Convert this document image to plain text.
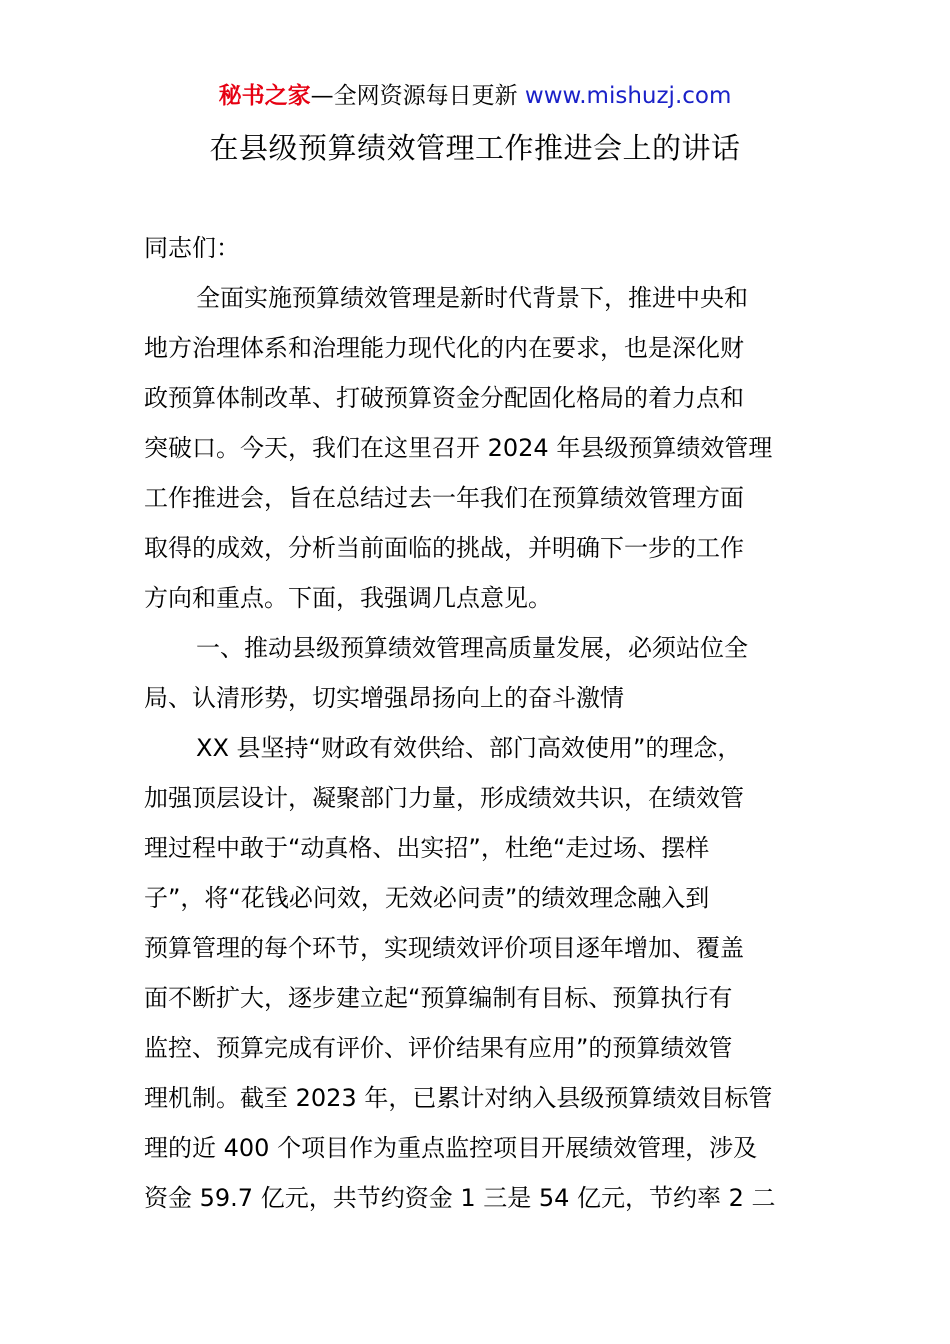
秘书之家—全网资源每日更新 www.mishuzj.com
在县级预算绩效管理工作推进会上的讲话
同志们：
全面实施预算绩效管理是新时代背景下，推进中央和
地方治理体系和治理能力现代化的内在要求，也是深化财
政预算体制改革、打破预算资金分配固化格局的着力点和
突破口。今天，我们在这里召开 2024 年县级预算绩效管理
工作推进会，旨在总结过去一年我们在预算绩效管理方面
取得的成效，分析当前面临的挑战，并明确下一步的工作
方向和重点。下面，我强调几点意见。
一、推动县级预算绩效管理高质量发展，必须站位全
局、认清形势，切实增强昂扬向上的奋斗激情
XX 县坚持“财政有效供给、部门高效使用”的理念，
加强顶层设计，凝聚部门力量，形成绩效共识，在绩效管
理过程中敢于“动真格、出实招”，杜绝“走过场、摆样
子”，将“花钱必问效，无效必问责”的绩效理念融入到
预算管理的每个环节，实现绩效评价项目逐年增加、覆盖
面不断扩大，逐步建立起“预算编制有目标、预算执行有
监控、预算完成有评价、评价结果有应用”的预算绩效管
理机制。截至 2023 年，已累计对纳入县级预算绩效目标管
理的近 400 个项目作为重点监控项目开展绩效管理，涉及
资金 59.7 亿元，共节约资金 1 三是 54 亿元，节约率 2 二
